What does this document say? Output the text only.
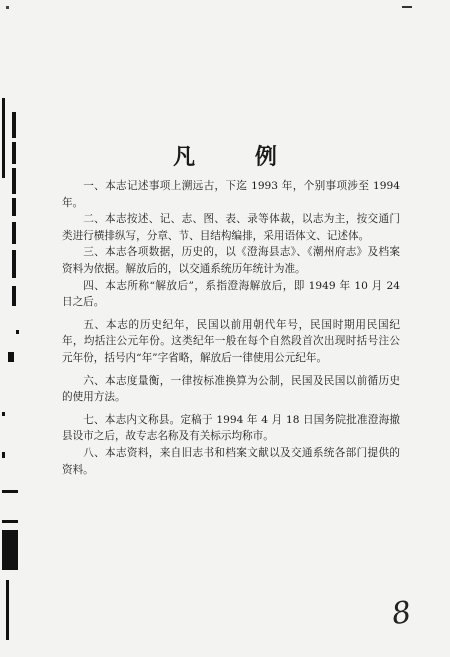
凡 例

一、本志记述事项上溯远古，下迄 1993 年，个别事项涉至 1994 年。

二、本志按述、记、志、图、表、录等体裁，以志为主，按交通门类进行横排纵写，分章、节、目结构编排，采用语体文、记述体。

三、本志各项数据，历史的，以《澄海县志》、《潮州府志》及档案资料为依据。解放后的，以交通系统历年统计为准。

四、本志所称“解放后”，系指澄海解放后，即 1949 年 10 月 24 日之后。

五、本志的历史纪年，民国以前用朝代年号，民国时期用民国纪年，均括注公元年份。这类纪年一般在每个自然段首次出现时括号注公元年份，括号内“年”字省略，解放后一律使用公元纪年。

六、本志度量衡，一律按标准换算为公制，民国及民国以前循历史的使用方法。

七、本志内文称县。定稿于 1994 年 4 月 18 日国务院批准澄海撤县设市之后，故专志名称及有关标示均称市。

八、本志资料，来自旧志书和档案文献以及交通系统各部门提供的资料。

8
